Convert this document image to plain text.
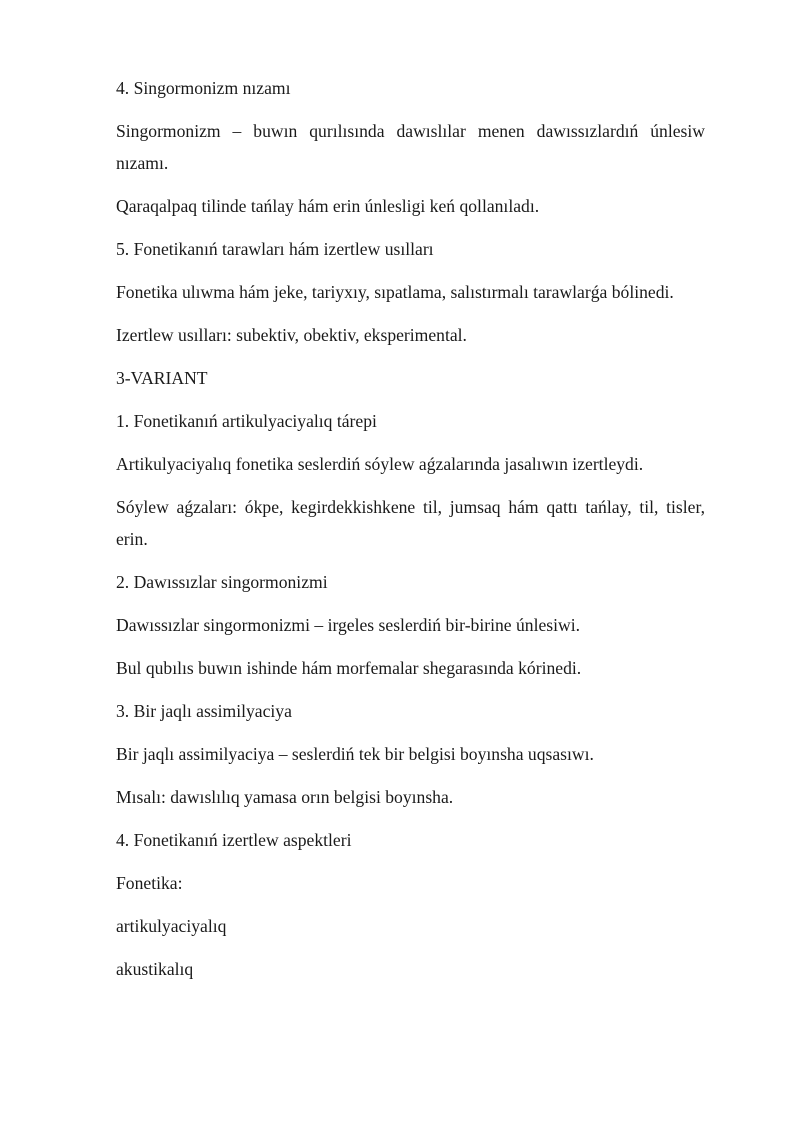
4. Singormonizm nızamı

Singormonizm – buwın qurılısında dawıslılar menen dawıssızlardıń únlesiw nızamı.

Qaraqalpaq tilinde tańlay hám erin únlesligi keń qollanıladı.

5. Fonetikanıń tarawları hám izertlew usılları

Fonetika ulıwma hám jeke, tariyxıy, sıpatlama, salıstırmalı tarawlarǵa bólinedi.

Izertlew usılları: subektiv, obektiv, eksperimental.

3-VARIANT

1. Fonetikanıń artikulyaciyalıq tárepi

Artikulyaciyalıq fonetika seslerdiń sóylew aǵzalarında jasalıwın izertleydi.

Sóylew aǵzaları: ókpe, kegirdekkishkene til, jumsaq hám qattı tańlay, til, tisler, erin.

2. Dawıssızlar singormonizmi

Dawıssızlar singormonizmi – irgeles seslerdiń bir-birine únlesiwi.

Bul qubılıs buwın ishinde hám morfemalar shegarasında kórinedi.

3. Bir jaqlı assimilyaciya

Bir jaqlı assimilyaciya – seslerdiń tek bir belgisi boyınsha uqsasıwı.

Mısalı: dawıslılıq yamasa orın belgisi boyınsha.

4. Fonetikanıń izertlew aspektleri

Fonetika:

artikulyaciyalıq

akustikalıq
